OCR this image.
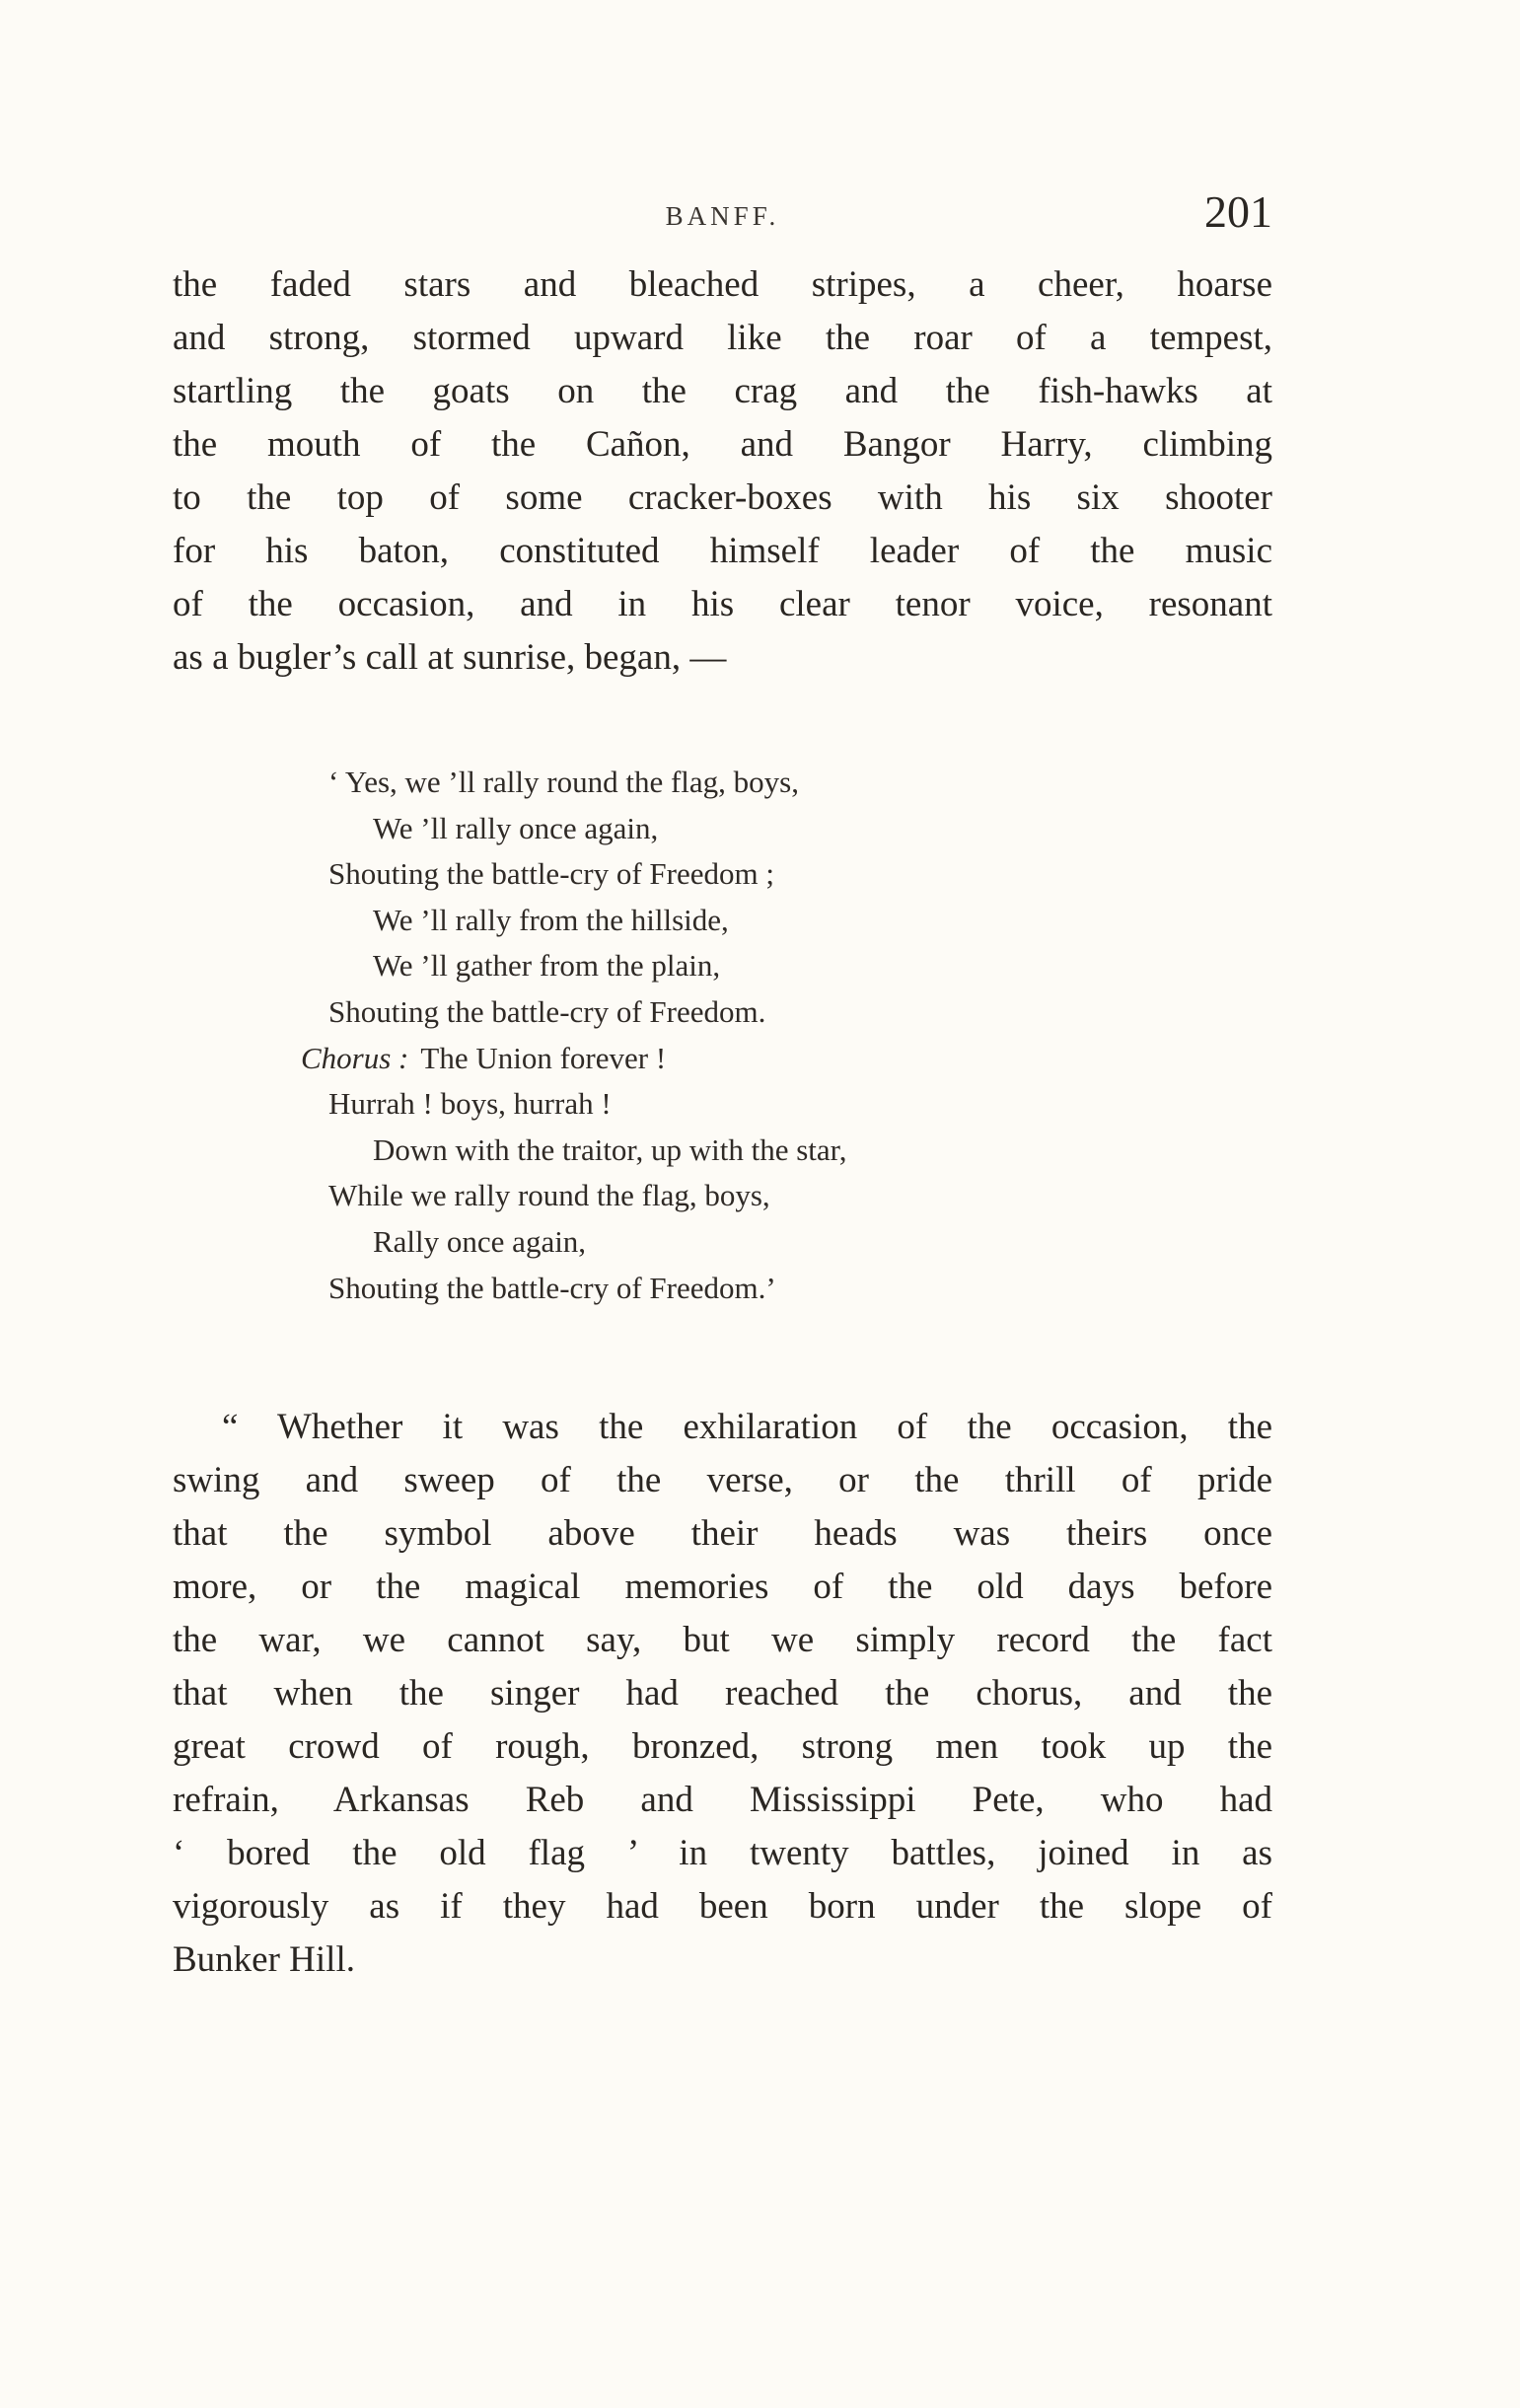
BANFF.	201
the faded stars and bleached stripes, a cheer, hoarse
and strong, stormed upward like the roar of a tempest,
startling the goats on the crag and the fish-hawks at
the mouth of the Cañon, and Bangor Harry, climbing
to the top of some cracker-boxes with his six shooter
for his baton, constituted himself leader of the music
of the occasion, and in his clear tenor voice, resonant
as a bugler’s call at sunrise, began, —
‘ Yes, we ’ll rally round the flag, boys,
We ’ll rally once again,
Shouting the battle-cry of Freedom ;
We ’ll rally from the hillside,
We ’ll gather from the plain,
Shouting the battle-cry of Freedom.
Chorus : The Union forever !
Hurrah ! boys, hurrah !
Down with the traitor, up with the star,
While we rally round the flag, boys,
Rally once again,
Shouting the battle-cry of Freedom.’
“ Whether it was the exhilaration of the occasion, the
swing and sweep of the verse, or the thrill of pride
that the symbol above their heads was theirs once
more, or the magical memories of the old days before
the war, we cannot say, but we simply record the fact
that when the singer had reached the chorus, and the
great crowd of rough, bronzed, strong men took up the
refrain, Arkansas Reb and Mississippi Pete, who had
‘ bored the old flag ’ in twenty battles, joined in as
vigorously as if they had been born under the slope of
Bunker Hill.
